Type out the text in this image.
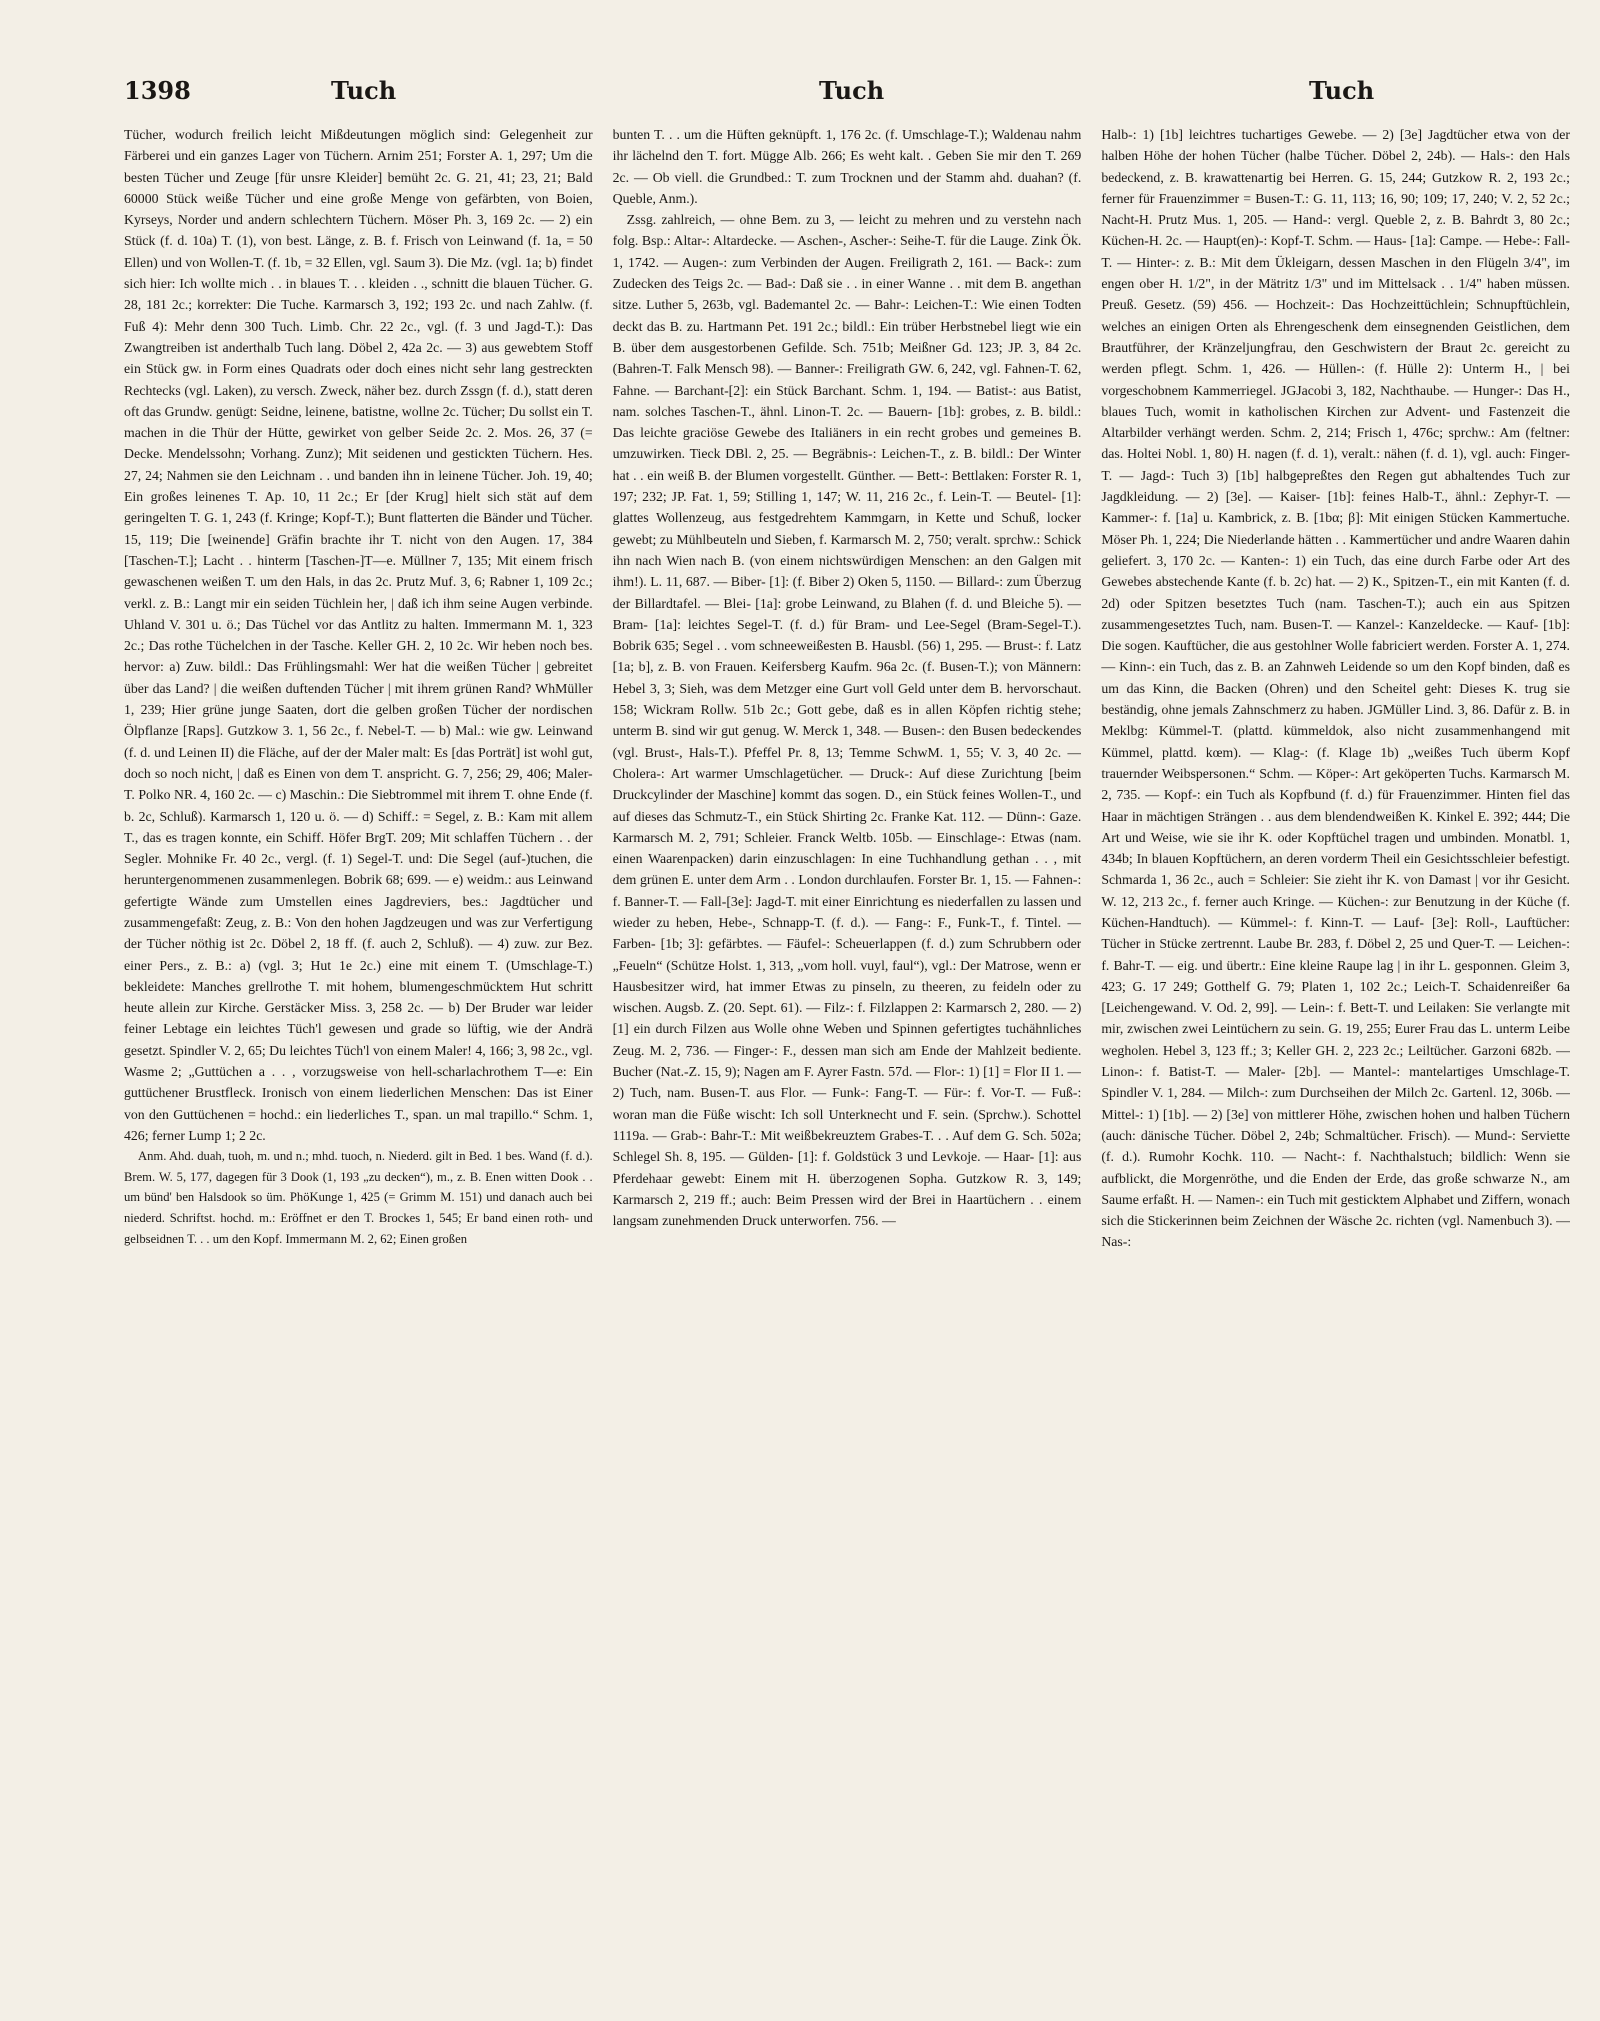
1398	Tuch	Tuch	Tuch

Tücher, wodurch freilich leicht Mißdeutungen möglich sind: Gelegenheit zur Färberei und ein ganzes Lager von Tüchern. Arnim 251; Forster A. 1, 297; Um die besten Tücher und Zeuge [für unsre Kleider] bemüht 2c. G. 21, 41; 23, 21; Bald 60000 Stück weiße Tücher und eine große Menge von gefärbten, von Boien, Kyrseys, Norder und andern schlechtern Tüchern. Möser Ph. 3, 169 2c. — 2) ein Stück (f. d. 10a) T. (1), von best. Länge, z. B. f. Frisch von Leinwand (f. 1a, = 50 Ellen) und von Wollen-T. (f. 1b, = 32 Ellen, vgl. Saum 3). Die Mz. (vgl. 1a; b) findet sich hier: Ich wollte mich . . in blaues T. . . kleiden . ., schnitt die blauen Tücher. G. 28, 181 2c.; korrekter: Die Tuche. Karmarsch 3, 192; 193 2c. und nach Zahlw. (f. Fuß 4): Mehr denn 300 Tuch. Limb. Chr. 22 2c., vgl. (f. 3 und Jagd-T.): Das Zwangtreiben ist anderthalb Tuch lang. Döbel 2, 42a 2c. — 3) aus gewebtem Stoff ein Stück gw. in Form eines Quadrats oder doch eines nicht sehr lang gestreckten Rechtecks (vgl. Laken), zu versch. Zweck, näher bez. durch Zssgn (f. d.), statt deren oft das Grundw. genügt: Seidne, leinene, batistne, wollne 2c. Tücher; Du sollst ein T. machen in die Thür der Hütte, gewirket von gelber Seide 2c. 2. Mos. 26, 37 (= Decke. Mendelssohn; Vorhang. Zunz); Mit seidenen und gestickten Tüchern. Hes. 27, 24; Nahmen sie den Leichnam . . und banden ihn in leinene Tücher. Joh. 19, 40; Ein großes leinenes T. Ap. 10, 11 2c.; Er [der Krug] hielt sich stät auf dem geringelten T. G. 1, 243 (f. Kringe; Kopf-T.); Bunt flatterten die Bänder und Tücher. 15, 119; Die [weinende] Gräfin brachte ihr T. nicht von den Augen. 17, 384 [Taschen-T.]; Lacht . . hinterm [Taschen-]T—e. Müllner 7, 135; Mit einem frisch gewaschenen weißen T. um den Hals, in das 2c. Prutz Muf. 3, 6; Rabner 1, 109 2c.; verkl. z. B.: Langt mir ein seiden Tüchlein her, | daß ich ihm seine Augen verbinde. Uhland V. 301 u. ö.; Das Tüchel vor das Antlitz zu halten. Immermann M. 1, 323 2c.; Das rothe Tüchelchen in der Tasche. Keller GH. 2, 10 2c. Wir heben noch bes. hervor: a) Zuw. bildl.: Das Frühlingsmahl: Wer hat die weißen Tücher | gebreitet über das Land? | die weißen duftenden Tücher | mit ihrem grünen Rand? WhMüller 1, 239; Hier grüne junge Saaten, dort die gelben großen Tücher der nordischen Ölpflanze [Raps]. Gutzkow 3. 1, 56 2c., f. Nebel-T. — b) Mal.: wie gw. Leinwand (f. d. und Leinen II) die Fläche, auf der der Maler malt: Es [das Porträt] ist wohl gut, doch so noch nicht, | daß es Einen von dem T. anspricht. G. 7, 256; 29, 406; Maler-T. Polko NR. 4, 160 2c. — c) Maschin.: Die Siebtrommel mit ihrem T. ohne Ende (f. b. 2c, Schluß). Karmarsch 1, 120 u. ö. — d) Schiff.: = Segel, z. B.: Kam mit allem T., das es tragen konnte, ein Schiff. Höfer BrgT. 209; Mit schlaffen Tüchern . . der Segler. Mohnike Fr. 40 2c., vergl. (f. 1) Segel-T. und: Die Segel (auf-)tuchen, die heruntergenommenen zusammenlegen. Bobrik 68; 699. — e) weidm.: aus Leinwand gefertigte Wände zum Umstellen eines Jagdreviers, bes.: Jagdtücher und zusammengefaßt: Zeug, z. B.: Von den hohen Jagdzeugen und was zur Verfertigung der Tücher nöthig ist 2c. Döbel 2, 18 ff. (f. auch 2, Schluß). — 4) zuw. zur Bez. einer Pers., z. B.: a) (vgl. 3; Hut 1e 2c.) eine mit einem T. (Umschlage-T.) bekleidete: Manches grellrothe T. mit hohem, blumengeschmücktem Hut schritt heute allein zur Kirche. Gerstäcker Miss. 3, 258 2c. — b) Der Bruder war leider feiner Lebtage ein leichtes Tüch'l gewesen und grade so lüftig, wie der Andrä gesetzt. Spindler V. 2, 65; Du leichtes Tüch'l von einem Maler! 4, 166; 3, 98 2c., vgl. Wasme 2; „Guttüchen a . . , vorzugsweise von hell-scharlachrothem T—e: Ein guttüchener Brustfleck. Ironisch von einem liederlichen Menschen: Das ist Einer von den Guttüchenen = hochd.: ein liederliches T., span. un mal trapillo.“ Schm. 1, 426; ferner Lump 1; 2 2c.

Anm. Ahd. duah, tuoh, m. und n.; mhd. tuoch, n. Niederd. gilt in Bed. 1 bes. Wand (f. d.). Brem. W. 5, 177, dagegen für 3 Dook (1, 193 „zu decken“), m., z. B. Enen witten Dook . . um bünd' ben Halsdook so üm. PhöKunge 1, 425 (= Grimm M. 151) und danach auch bei niederd. Schriftst. hochd. m.: Eröffnet er den T. Brockes 1, 545; Er band einen roth- und gelbseidnen T. . . um den Kopf. Immermann M. 2, 62; Einen großen

bunten T. . . um die Hüften geknüpft. 1, 176 2c. (f. Umschlage-T.); Waldenau nahm ihr lächelnd den T. fort. Mügge Alb. 266; Es weht kalt. . Geben Sie mir den T. 269 2c. — Ob viell. die Grundbed.: T. zum Trocknen und der Stamm ahd. duahan? (f. Queble, Anm.).

Zssg. zahlreich, — ohne Bem. zu 3, — leicht zu mehren und zu verstehn nach folg. Bsp.: Altar-: Altardecke. — Aschen-, Ascher-: Seihe-T. für die Lauge. Zink Ök. 1, 1742. — Augen-: zum Verbinden der Augen. Freiligrath 2, 161. — Back-: zum Zudecken des Teigs 2c. — Bad-: Daß sie . . in einer Wanne . . mit dem B. angethan sitze. Luther 5, 263b, vgl. Bademantel 2c. — Bahr-: Leichen-T.: Wie einen Todten deckt das B. zu. Hartmann Pet. 191 2c.; bildl.: Ein trüber Herbstnebel liegt wie ein B. über dem ausgestorbenen Gefilde. Sch. 751b; Meißner Gd. 123; JP. 3, 84 2c. (Bahren-T. Falk Mensch 98). — Banner-: Freiligrath GW. 6, 242, vgl. Fahnen-T. 62, Fahne. — Barchant-[2]: ein Stück Barchant. Schm. 1, 194. — Batist-: aus Batist, nam. solches Taschen-T., ähnl. Linon-T. 2c. — Bauern- [1b]: grobes, z. B. bildl.: Das leichte graciöse Gewebe des Italiäners in ein recht grobes und gemeines B. umzuwirken. Tieck DBl. 2, 25. — Begräbnis-: Leichen-T., z. B. bildl.: Der Winter hat . . ein weiß B. der Blumen vorgestellt. Günther. — Bett-: Bettlaken: Forster R. 1, 197; 232; JP. Fat. 1, 59; Stilling 1, 147; W. 11, 216 2c., f. Lein-T. — Beutel- [1]: glattes Wollenzeug, aus festgedrehtem Kammgarn, in Kette und Schuß, locker gewebt; zu Mühlbeuteln und Sieben, f. Karmarsch M. 2, 750; veralt. sprchw.: Schick ihn nach Wien nach B. (von einem nichtswürdigen Menschen: an den Galgen mit ihm!). L. 11, 687. — Biber- [1]: (f. Biber 2) Oken 5, 1150. — Billard-: zum Überzug der Billardtafel. — Blei- [1a]: grobe Leinwand, zu Blahen (f. d. und Bleiche 5). — Bram- [1a]: leichtes Segel-T. (f. d.) für Bram- und Lee-Segel (Bram-Segel-T.). Bobrik 635; Segel . . vom schneeweißesten B. Hausbl. (56) 1, 295. — Brust-: f. Latz [1a; b], z. B. von Frauen. Keifersberg Kaufm. 96a 2c. (f. Busen-T.); von Männern: Hebel 3, 3; Sieh, was dem Metzger eine Gurt voll Geld unter dem B. hervorschaut. 158; Wickram Rollw. 51b 2c.; Gott gebe, daß es in allen Köpfen richtig stehe; unterm B. sind wir gut genug. W. Merck 1, 348. — Busen-: den Busen bedeckendes (vgl. Brust-, Hals-T.). Pfeffel Pr. 8, 13; Temme SchwM. 1, 55; V. 3, 40 2c. — Cholera-: Art warmer Umschlagetücher. — Druck-: Auf diese Zurichtung [beim Druckcylinder der Maschine] kommt das sogen. D., ein Stück feines Wollen-T., und auf dieses das Schmutz-T., ein Stück Shirting 2c. Franke Kat. 112. — Dünn-: Gaze. Karmarsch M. 2, 791; Schleier. Franck Weltb. 105b. — Einschlage-: Etwas (nam. einen Waarenpacken) darin einzuschlagen: In eine Tuchhandlung gethan . . , mit dem grünen E. unter dem Arm . . London durchlaufen. Forster Br. 1, 15. — Fahnen-: f. Banner-T. — Fall-[3e]: Jagd-T. mit einer Einrichtung es niederfallen zu lassen und wieder zu heben, Hebe-, Schnapp-T. (f. d.). — Fang-: F., Funk-T., f. Tintel. — Farben- [1b; 3]: gefärbtes. — Fäufel-: Scheuerlappen (f. d.) zum Schrubbern oder „Feueln“ (Schütze Holst. 1, 313, „vom holl. vuyl, faul“), vgl.: Der Matrose, wenn er Hausbesitzer wird, hat immer Etwas zu pinseln, zu theeren, zu feideln oder zu wischen. Augsb. Z. (20. Sept. 61). — Filz-: f. Filzlappen 2: Karmarsch 2, 280. — 2) [1] ein durch Filzen aus Wolle ohne Weben und Spinnen gefertigtes tuchähnliches Zeug. M. 2, 736. — Finger-: F., dessen man sich am Ende der Mahlzeit bediente. Bucher (Nat.-Z. 15, 9); Nagen am F. Ayrer Fastn. 57d. — Flor-: 1) [1] = Flor II 1. — 2) Tuch, nam. Busen-T. aus Flor. — Funk-: Fang-T. — Für-: f. Vor-T. — Fuß-: woran man die Füße wischt: Ich soll Unterknecht und F. sein. (Sprchw.). Schottel 1119a. — Grab-: Bahr-T.: Mit weißbekreuztem Grabes-T. . . Auf dem G. Sch. 502a; Schlegel Sh. 8, 195. — Gülden- [1]: f. Goldstück 3 und Levkoje. — Haar- [1]: aus Pferdehaar gewebt: Einem mit H. überzogenen Sopha. Gutzkow R. 3, 149; Karmarsch 2, 219 ff.; auch: Beim Pressen wird der Brei in Haartüchern . . einem langsam zunehmenden Druck unterworfen. 756. —

Halb-: 1) [1b] leichtres tuchartiges Gewebe. — 2) [3e] Jagdtücher etwa von der halben Höhe der hohen Tücher (halbe Tücher. Döbel 2, 24b). — Hals-: den Hals bedeckend, z. B. krawattenartig bei Herren. G. 15, 244; Gutzkow R. 2, 193 2c.; ferner für Frauenzimmer = Busen-T.: G. 11, 113; 16, 90; 109; 17, 240; V. 2, 52 2c.; Nacht-H. Prutz Mus. 1, 205. — Hand-: vergl. Queble 2, z. B. Bahrdt 3, 80 2c.; Küchen-H. 2c. — Haupt(en)-: Kopf-T. Schm. — Haus- [1a]: Campe. — Hebe-: Fall-T. — Hinter-: z. B.: Mit dem Ükleigarn, dessen Maschen in den Flügeln 3/4", im engen ober H. 1/2", in der Mätritz 1/3" und im Mittelsack . . 1/4" haben müssen. Preuß. Gesetz. (59) 456. — Hochzeit-: Das Hochzeittüchlein; Schnupftüchlein, welches an einigen Orten als Ehrengeschenk dem einsegnenden Geistlichen, dem Brautführer, der Kränzeljungfrau, den Geschwistern der Braut 2c. gereicht zu werden pflegt. Schm. 1, 426. — Hüllen-: (f. Hülle 2): Unterm H., | bei vorgeschobnem Kammerriegel. JGJacobi 3, 182, Nachthaube. — Hunger-: Das H., blaues Tuch, womit in katholischen Kirchen zur Advent- und Fastenzeit die Altarbilder verhängt werden. Schm. 2, 214; Frisch 1, 476c; sprchw.: Am (feltner: das. Holtei Nobl. 1, 80) H. nagen (f. d. 1), veralt.: nähen (f. d. 1), vgl. auch: Finger-T. — Jagd-: Tuch 3) [1b] halbgepreßtes den Regen gut abhaltendes Tuch zur Jagdkleidung. — 2) [3e]. — Kaiser- [1b]: feines Halb-T., ähnl.: Zephyr-T. — Kammer-: f. [1a] u. Kambrick, z. B. [1bα; β]: Mit einigen Stücken Kammertuche. Möser Ph. 1, 224; Die Niederlande hätten . . Kammertücher und andre Waaren dahin geliefert. 3, 170 2c. — Kanten-: 1) ein Tuch, das eine durch Farbe oder Art des Gewebes abstechende Kante (f. b. 2c) hat. — 2) K., Spitzen-T., ein mit Kanten (f. d. 2d) oder Spitzen besetztes Tuch (nam. Taschen-T.); auch ein aus Spitzen zusammengesetztes Tuch, nam. Busen-T. — Kanzel-: Kanzeldecke. — Kauf- [1b]: Die sogen. Kauftücher, die aus gestohlner Wolle fabriciert werden. Forster A. 1, 274. — Kinn-: ein Tuch, das z. B. an Zahnweh Leidende so um den Kopf binden, daß es um das Kinn, die Backen (Ohren) und den Scheitel geht: Dieses K. trug sie beständig, ohne jemals Zahnschmerz zu haben. JGMüller Lind. 3, 86. Dafür z. B. in Meklbg: Kümmel-T. (plattd. kümmeldok, also nicht zusammenhangend mit Kümmel, plattd. kœm). — Klag-: (f. Klage 1b) „weißes Tuch überm Kopf trauernder Weibspersonen.“ Schm. — Köper-: Art geköperten Tuchs. Karmarsch M. 2, 735. — Kopf-: ein Tuch als Kopfbund (f. d.) für Frauenzimmer. Hinten fiel das Haar in mächtigen Strängen . . aus dem blendendweißen K. Kinkel E. 392; 444; Die Art und Weise, wie sie ihr K. oder Kopftüchel tragen und umbinden. Monatbl. 1, 434b; In blauen Kopftüchern, an deren vorderm Theil ein Gesichtsschleier befestigt. Schmarda 1, 36 2c., auch = Schleier: Sie zieht ihr K. von Damast | vor ihr Gesicht. W. 12, 213 2c., f. ferner auch Kringe. — Küchen-: zur Benutzung in der Küche (f. Küchen-Handtuch). — Kümmel-: f. Kinn-T. — Lauf- [3e]: Roll-, Lauftücher: Tücher in Stücke zertrennt. Laube Br. 283, f. Döbel 2, 25 und Quer-T. — Leichen-: f. Bahr-T. — eig. und übertr.: Eine kleine Raupe lag | in ihr L. gesponnen. Gleim 3, 423; G. 17 249; Gotthelf G. 79; Platen 1, 102 2c.; Leich-T. Schaidenreißer 6a [Leichengewand. V. Od. 2, 99]. — Lein-: f. Bett-T. und Leilaken: Sie verlangte mit mir, zwischen zwei Leintüchern zu sein. G. 19, 255; Eurer Frau das L. unterm Leibe wegholen. Hebel 3, 123 ff.; 3; Keller GH. 2, 223 2c.; Leiltücher. Garzoni 682b. — Linon-: f. Batist-T. — Maler- [2b]. — Mantel-: mantelartiges Umschlage-T. Spindler V. 1, 284. — Milch-: zum Durchseihen der Milch 2c. Gartenl. 12, 306b. — Mittel-: 1) [1b]. — 2) [3e] von mittlerer Höhe, zwischen hohen und halben Tüchern (auch: dänische Tücher. Döbel 2, 24b; Schmaltücher. Frisch). — Mund-: Serviette (f. d.). Rumohr Kochk. 110. — Nacht-: f. Nachthalstuch; bildlich: Wenn sie aufblickt, die Morgenröthe, und die Enden der Erde, das große schwarze N., am Saume erfaßt. H. — Namen-: ein Tuch mit gesticktem Alphabet und Ziffern, wonach sich die Stickerinnen beim Zeichnen der Wäsche 2c. richten (vgl. Namenbuch 3). — Nas-:
